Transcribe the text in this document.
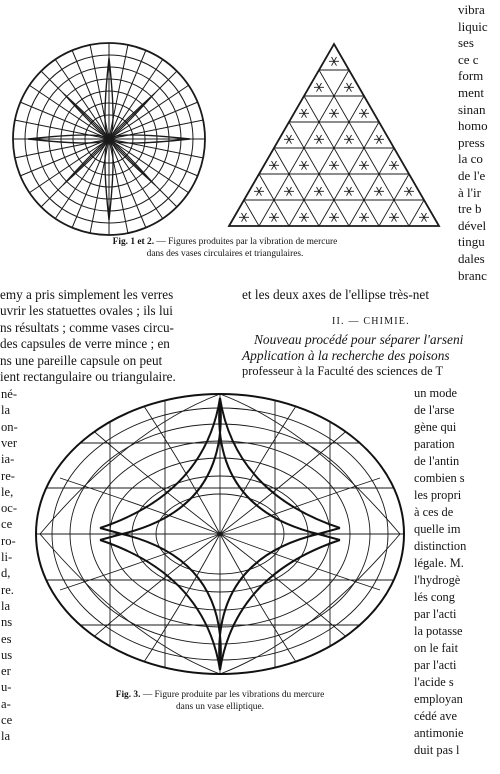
Fig. 1 et 2. — Figures produites par la vibration de mercure
dans des vases circulaires et triangulaires.
vibra
liquic
ses
ce c
form
ment
sinan
homo
press
la co
de l'e
à l'ir
tre b
dével
tingu
dales
branc
emy a pris simplement les verres
uvrir les statuettes ovales ; ils lui
ns résultats ; comme vases circu-
des capsules de verre mince ; en
ns une pareille capsule on peut
ient rectangulaire ou triangulaire.
et les deux axes de l'ellipse très-net
II. — CHIMIE.
Nouveau procédé pour séparer l'arseni
Application à la recherche des poisons
professeur à la Faculté des sciences de T
né-
la
on-
ver
ia-
re-
le,
oc-
ce
ro-
li-
d,
re.
la
ns
es
us
er
u-
a-
ce
la
Fig. 3. — Figure produite par les vibrations du mercure
dans un vase elliptique.
un mode
de l'arse
gène qui
paration
de l'antin
combien s
les propri
à ces de
quelle im
distinction
légale. M.
l'hydrogè
lés cong
par l'acti
la potasse
on le fait
par l'acti
l'acide s
employan
cédé ave
antimonie
duit pas l
